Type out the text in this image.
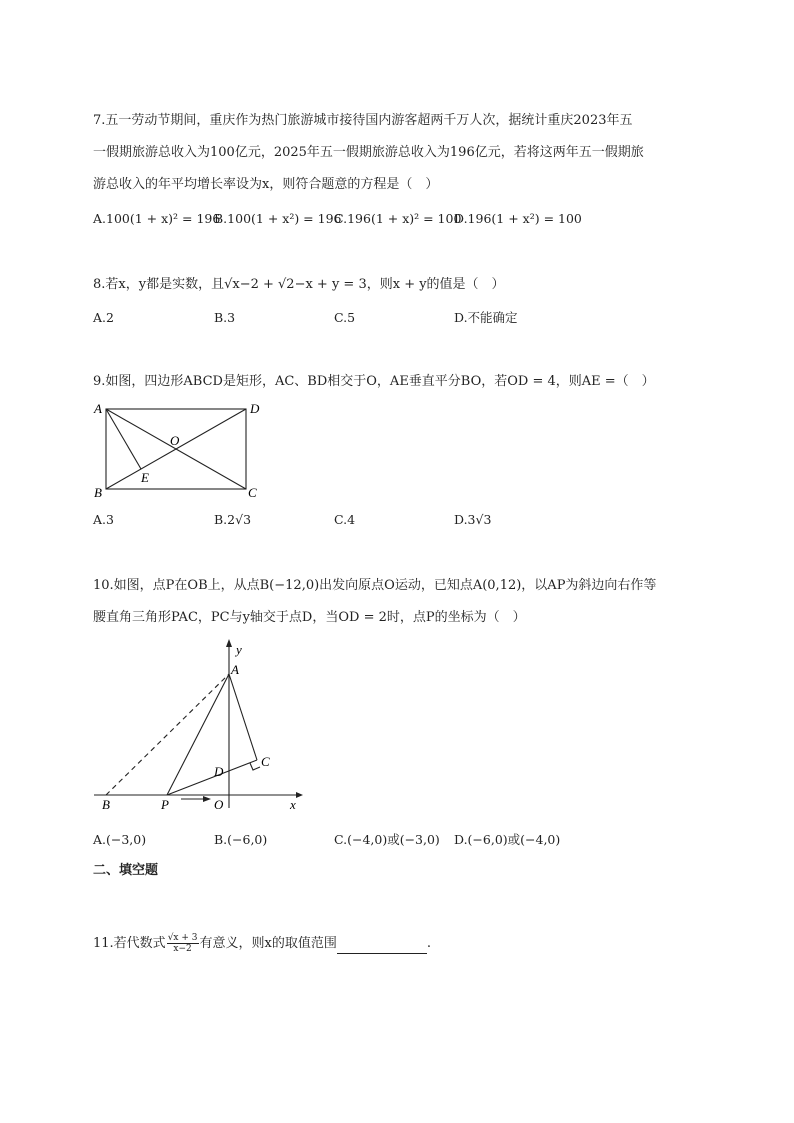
7.五一劳动节期间，重庆作为热门旅游城市接待国内游客超两千万人次，据统计重庆2023年五
一假期旅游总收入为100亿元，2025年五一假期旅游总收入为196亿元，若将这两年五一假期旅
游总收入的年平均增长率设为x，则符合题意的方程是（　）
A.100(1 + x)² = 196
B.100(1 + x²) = 196
C.196(1 + x)² = 100
D.196(1 + x²) = 100
8.若x，y都是实数，且√x−2 + √2−x + y = 3，则x + y的值是（　）
A.2	B.3	C.5	D.不能确定
9.如图，四边形ABCD是矩形，AC、BD相交于O，AE垂直平分BO，若OD = 4，则AE =（　）
A	D
O
E
B	C
A.3	B.2√3	C.4	D.3√3
10.如图，点P在OB上，从点B(−12,0)出发向原点O运动，已知点A(0,12)，以AP为斜边向右作等
腰直角三角形PAC，PC与y轴交于点D，当OD = 2时，点P的坐标为（　）
y
A
C
D
B	P	O	x
A.(−3,0)	B.(−6,0)	C.(−4,0)或(−3,0) D.(−6,0)或(−4,0)
二、填空题
11.若代数式 $\frac{√x + 3}{x-2}$ 有意义，则x的取值范围	.
